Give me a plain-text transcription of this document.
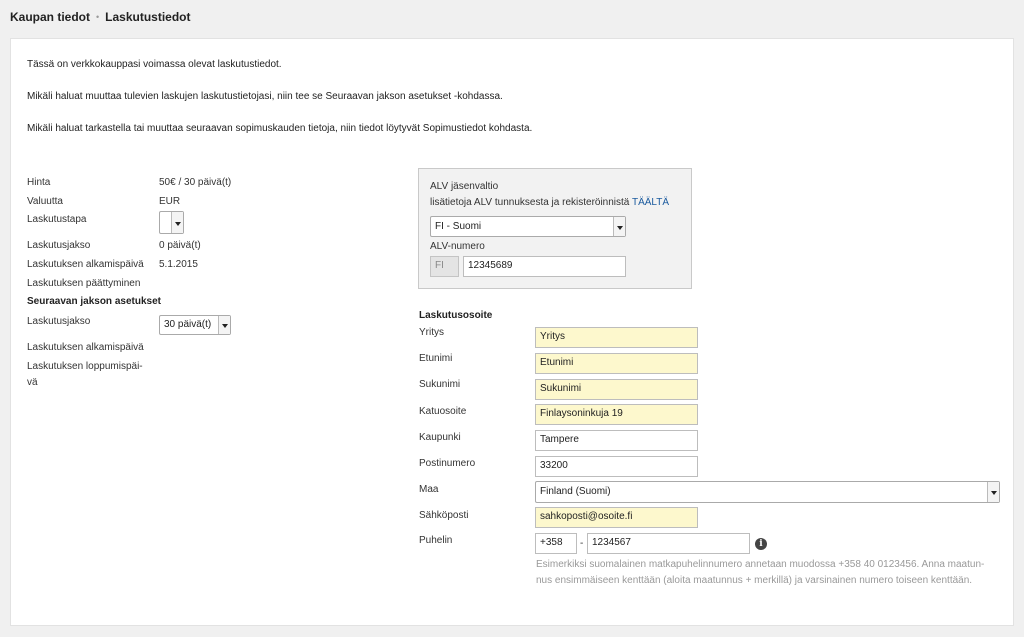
Kaupan tiedot • Laskutustiedot
Tässä on verkkokauppasi voimassa olevat laskutustiedot.
Mikäli haluat muuttaa tulevien laskujen laskutustietojasi, niin tee se Seuraavan jakson asetukset -kohdassa.
Mikäli haluat tarkastella tai muuttaa seuraavan sopimuskauden tietoja, niin tiedot löytyvät Sopimustiedot kohdasta.
Hinta	50€ / 30 päivä(t)
Valuutta	EUR
Laskutustapa
Laskutusjakso	0 päivä(t)
Laskutuksen alkamispäivä 5.1.2015
Laskutuksen päättyminen
Seuraavan jakson asetukset
Laskutusjakso	30 päivä(t)
Laskutuksen alkamispäivä
Laskutuksen loppumispäi-
vä
ALV jäsenvaltio
lisätietoja ALV tunnuksesta ja rekisteröinnistä TÄÄLTÄ
FI - Suomi
ALV-numero
FI	12345689
Laskutusosoite
Yritys	Yritys
Etunimi	Etunimi
Sukunimi	Sukunimi
Katuosoite	Finlaysoninkuja 19
Kaupunki	Tampere
Postinumero	33200
Maa	Finland (Suomi)
Sähköposti	sahkoposti@osoite.fi
Puhelin	+358	- 1234567	i
Esimerkiksi suomalainen matkapuhelinnumero annetaan muodossa +358 40 0123456. Anna maatun-
nus ensimmäiseen kenttään (aloita maatunnus + merkillä) ja varsinainen numero toiseen kenttään.
